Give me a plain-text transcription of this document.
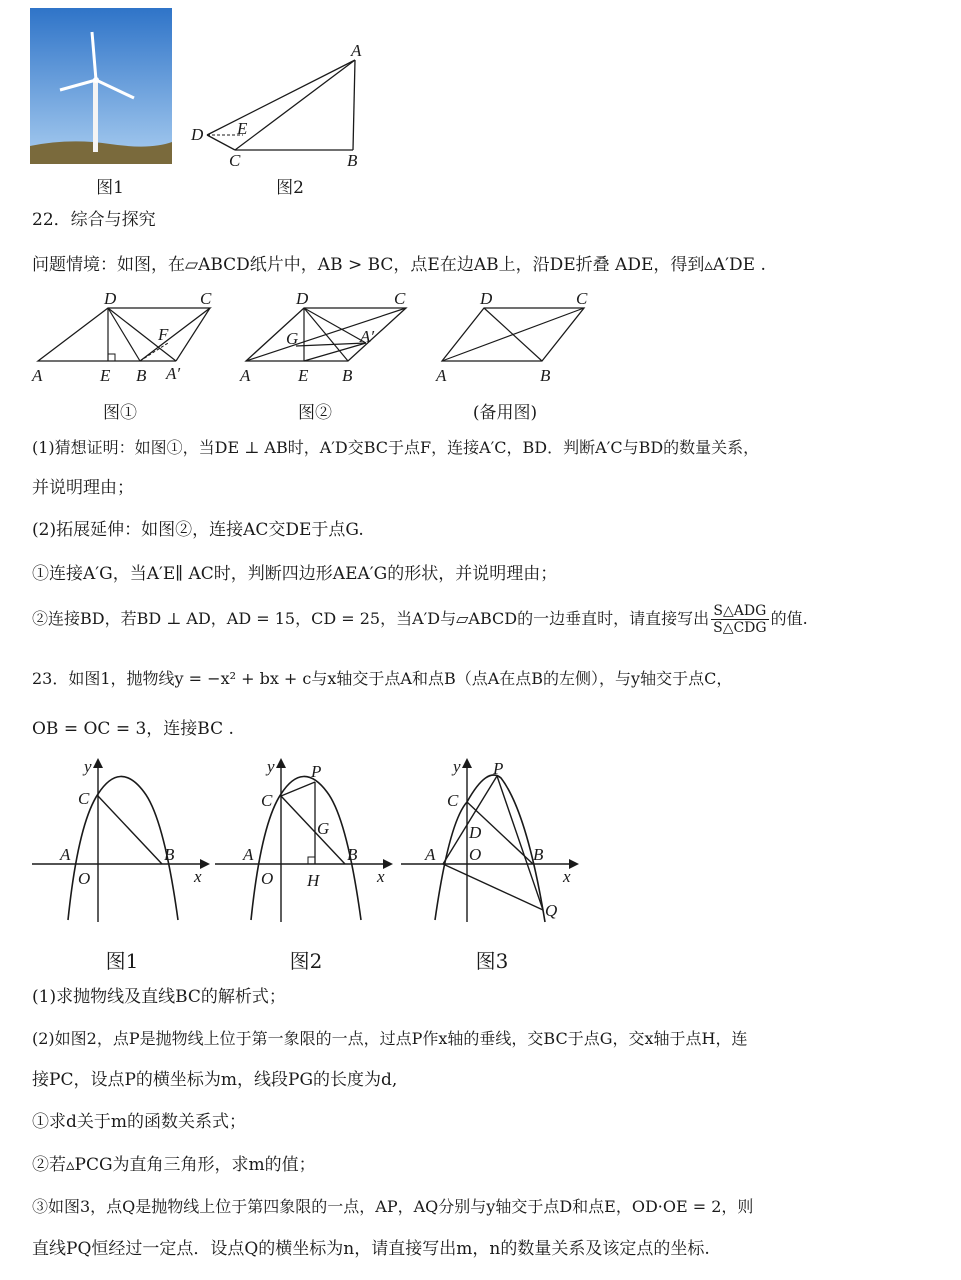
图1
A
B
C
D E
图2
22．综合与探究
问题情境：如图，在▱ABCD纸片中，AB > BC，点E在边AB上，沿DE折叠 ADE，得到▵A′DE .
A	E B A′
D	C
F
A	E B
D	C
G	A′
A	B
D	C
图①	图②	(备用图)
(1)猜想证明：如图①，当DE ⊥ AB时，A′D交BC于点F，连接A′C，BD．判断A′C与BD的数量关系，
并说明理由；
(2)拓展延伸：如图②，连接AC交DE于点G.
①连接A′G，当A′E∥ AC时，判断四边形AEA′G的形状，并说明理由；
②连接BD，若BD ⊥ AD，AD = 15，CD = 25，当A′D与▱ABCD的一边垂直时，请直接写出 $\frac{\text{S△ADG}}{\text{S△CDG}}$ 的值.
23．如图1，抛物线y = −x² + bx + c与x轴交于点A和点B（点A在点B的左侧），与y轴交于点C，
OB = OC = 3，连接BC .
y
C
A
O
B
x
y
C
P
G
A
O H
B
x
y
C
P
D
A O	B
x
Q
图1	图2	图3
(1)求抛物线及直线BC的解析式；
(2)如图2，点P是抛物线上位于第一象限的一点，过点P作x轴的垂线，交BC于点G，交x轴于点H，连
接PC，设点P的横坐标为m，线段PG的长度为d,
①求d关于m的函数关系式；
②若▵PCG为直角三角形，求m的值；
③如图3，点Q是抛物线上位于第四象限的一点，AP，AQ分别与y轴交于点D和点E，OD·OE = 2，则
直线PQ恒经过一定点．设点Q的横坐标为n，请直接写出m，n的数量关系及该定点的坐标.
